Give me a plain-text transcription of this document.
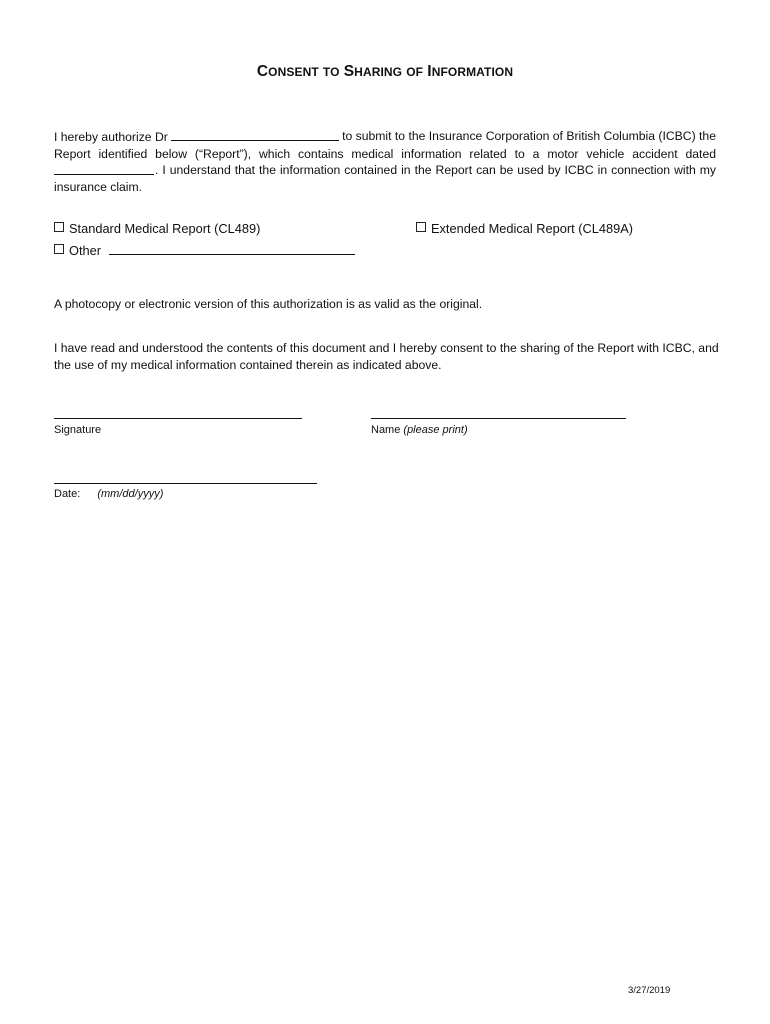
CONSENT TO SHARING OF INFORMATION
I hereby authorize Dr	to submit to the Insurance Corporation of British Columbia (ICBC) the
Report identified below (“Report”), which contains medical information related to a motor vehicle accident dated
. I understand that the information contained in the Report can be used by ICBC in connection with my
insurance claim.
Standard Medical Report (CL489)	Extended Medical Report (CL489A)
Other
A photocopy or electronic version of this authorization is as valid as the original.
I have read and understood the contents of this document and I hereby consent to the sharing of the Report with ICBC, and
the use of my medical information contained therein as indicated above.
Signature	Name (please print)
Date: (mm/dd/yyyy)
3/27/2019
